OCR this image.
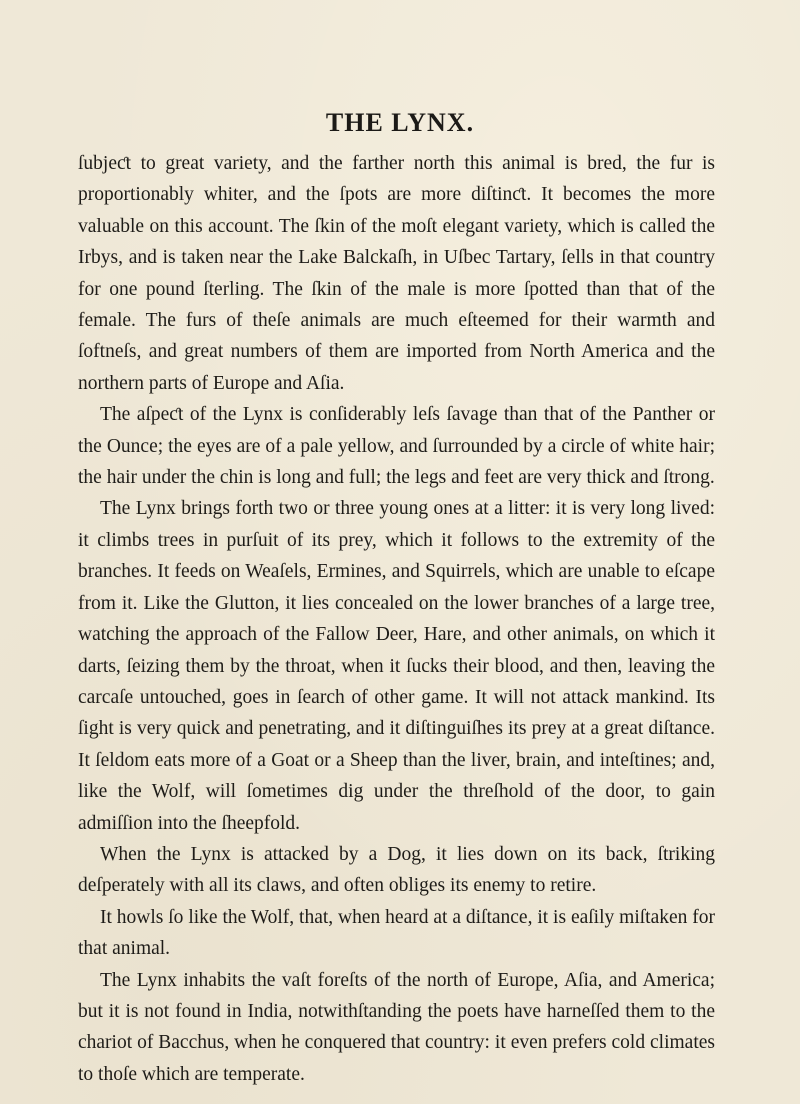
THE LYNX.

ſubjeƈt to great variety, and the farther north this animal is bred, the fur is proportionably whiter, and the ſpots are more diſtinƈt. It becomes the more valuable on this account. The ſkin of the moſt elegant variety, which is called the Irbys, and is taken near the Lake Balckaſh, in Uſbec Tartary, ſells in that country for one pound ſterling. The ſkin of the male is more ſpotted than that of the female. The furs of theſe animals are much eſteemed for their warmth and ſoftneſs, and great numbers of them are imported from North America and the northern parts of Europe and Aſia.

The aſpeƈt of the Lynx is conſiderably leſs ſavage than that of the Panther or the Ounce; the eyes are of a pale yellow, and ſurrounded by a circle of white hair; the hair under the chin is long and full; the legs and feet are very thick and ſtrong.

The Lynx brings forth two or three young ones at a litter: it is very long lived: it climbs trees in purſuit of its prey, which it follows to the extremity of the branches. It feeds on Weaſels, Ermines, and Squirrels, which are unable to eſcape from it. Like the Glutton, it lies concealed on the lower branches of a large tree, watching the approach of the Fallow Deer, Hare, and other animals, on which it darts, ſeizing them by the throat, when it ſucks their blood, and then, leaving the carcaſe untouched, goes in ſearch of other game. It will not attack mankind. Its ſight is very quick and penetrating, and it diſtinguiſhes its prey at a great diſtance. It ſeldom eats more of a Goat or a Sheep than the liver, brain, and inteſtines; and, like the Wolf, will ſometimes dig under the threſhold of the door, to gain admiſſion into the ſheepfold.

When the Lynx is attacked by a Dog, it lies down on its back, ſtriking deſperately with all its claws, and often obliges its enemy to retire.

It howls ſo like the Wolf, that, when heard at a diſtance, it is eaſily miſtaken for that animal.

The Lynx inhabits the vaſt foreſts of the north of Europe, Aſia, and America; but it is not found in India, notwithſtanding the poets have harneſſed them to the chariot of Bacchus, when he conquered that country: it even prefers cold climates to thoſe which are temperate.
